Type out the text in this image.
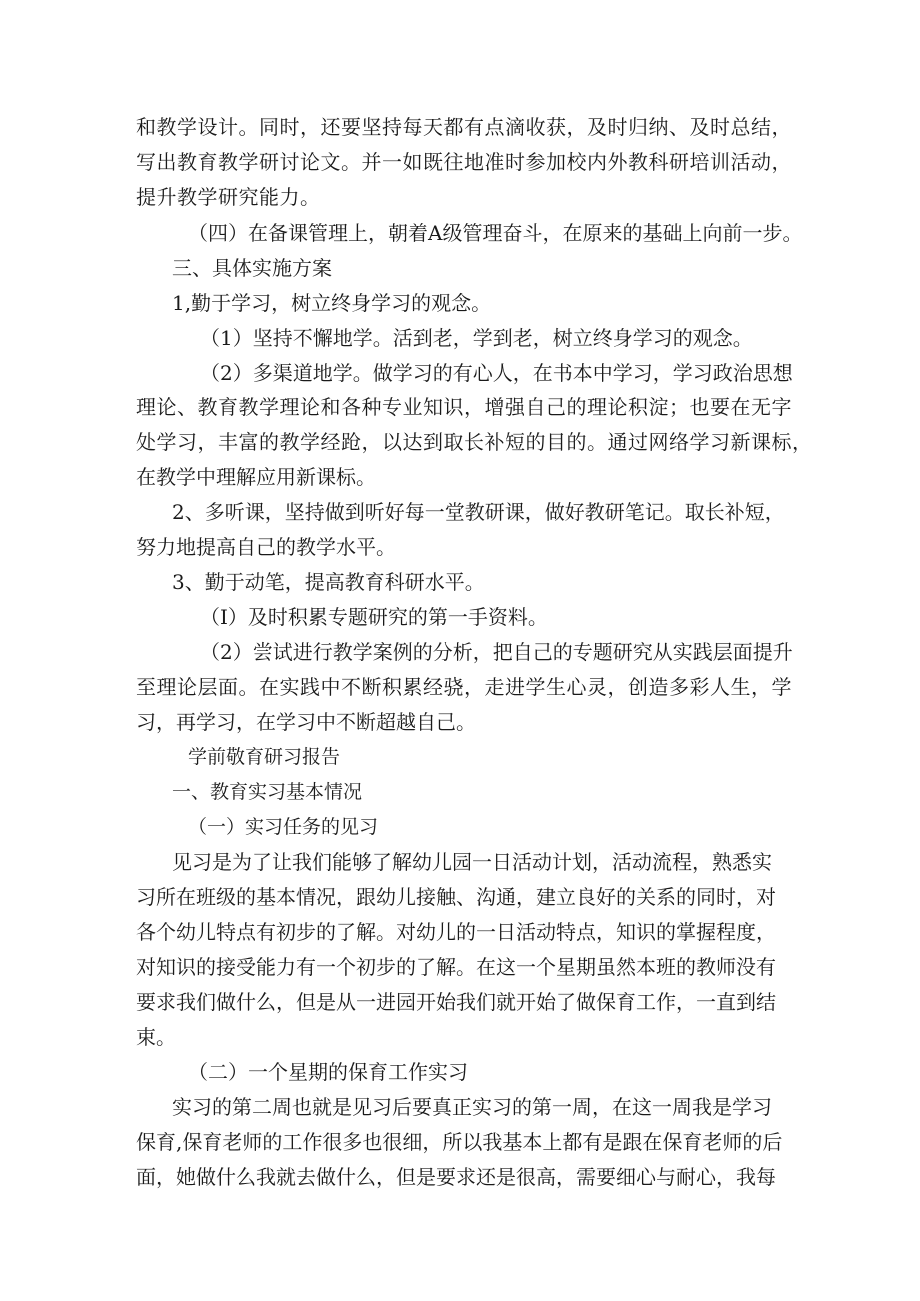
和教学设计。同时，还要坚持每天都有点滴收获，及时归纳、及时总结，
写出教育教学研讨论文。并一如既往地准时参加校内外教科研培训活动，
提升教学研究能力。
（四）在备课管理上，朝着A级管理奋斗，在原来的基础上向前一步。
三、具体实施方案
1,勤于学习，树立终身学习的观念。
（1）坚持不懈地学。活到老，学到老，树立终身学习的观念。
（2）多渠道地学。做学习的有心人，在书本中学习，学习政治思想
理论、教育教学理论和各种专业知识，增强自己的理论积淀；也要在无字
处学习，丰富的教学经跄，以达到取长补短的目的。通过网络学习新课标，
在教学中理解应用新课标。
2、多听课，坚持做到听好每一堂教研课，做好教研笔记。取长补短，
努力地提高自己的教学水平。
3、勤于动笔，提高教育科研水平。
（I）及时积累专题研究的第一手资料。
（2）尝试进行教学案例的分析，把自己的专题研究从实践层面提升
至理论层面。在实践中不断积累经骁，走进学生心灵，创造多彩人生，学
习，再学习，在学习中不断超越自己。
学前敬育研习报告
一、教育实习基本情况
（一）实习任务的见习
见习是为了让我们能够了解幼儿园一日活动计划，活动流程，熟悉实
习所在班级的基本情况，跟幼儿接触、沟通，建立良好的关系的同时，对
各个幼儿特点有初步的了解。对幼儿的一日活动特点，知识的掌握程度，
对知识的接受能力有一个初步的了解。在这一个星期虽然本班的教师没有
要求我们做什么，但是从一进园开始我们就开始了做保育工作，一直到结
束。
（二）一个星期的保育工作实习
实习的第二周也就是见习后要真正实习的第一周，在这一周我是学习
保育,保育老师的工作很多也很细，所以我基本上都有是跟在保育老师的后
面，她做什么我就去做什么，但是要求还是很高，需要细心与耐心，我每
